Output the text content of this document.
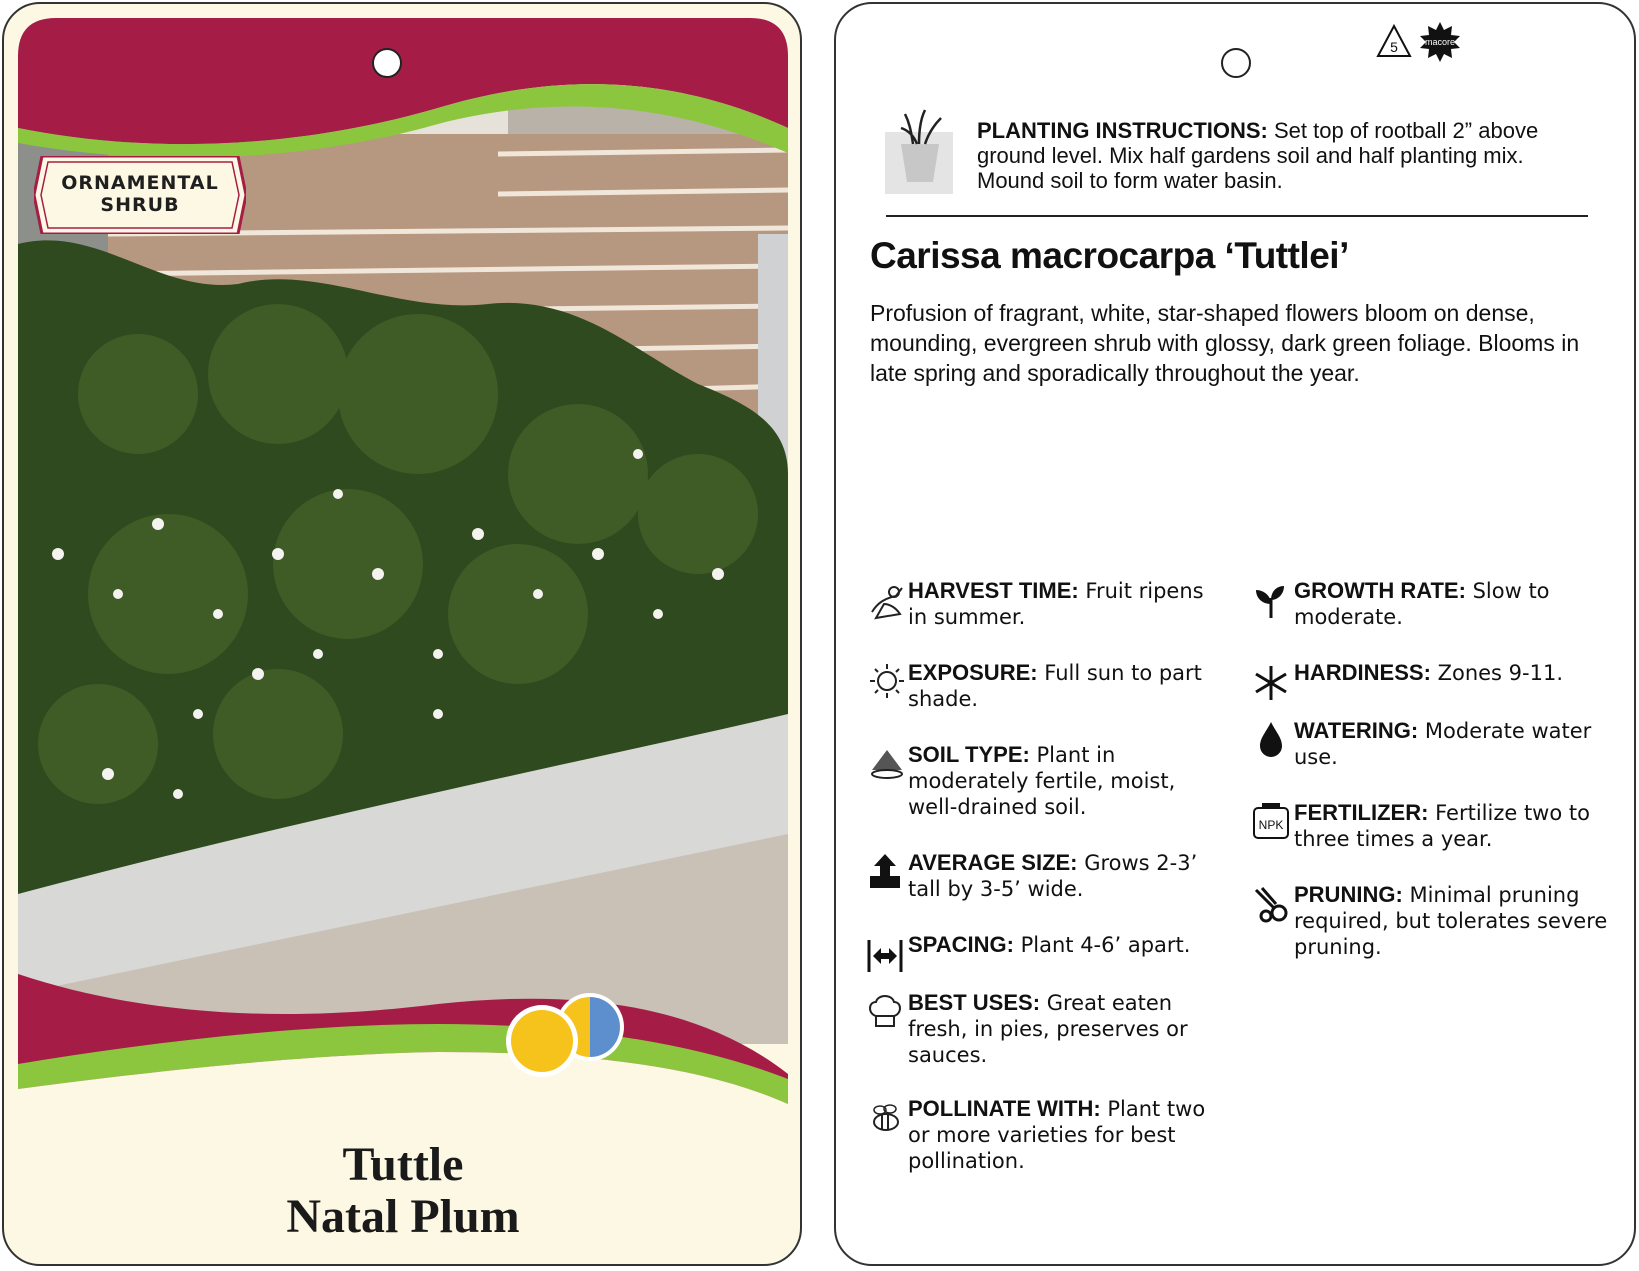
ORNAMENTAL
SHRUB
Tuttle
Natal Plum
5	macore
PLANTING INSTRUCTIONS: Set top of rootball 2” above ground level. Mix half gardens soil and half planting mix. Mound soil to form water basin.
Carissa macrocarpa ‘Tuttlei’
Profusion of fragrant, white, star-shaped flowers bloom on dense, mounding, evergreen shrub with glossy, dark green foliage. Blooms in late spring and sporadically throughout the year.
HARVEST TIME: Fruit ripens in summer.
EXPOSURE: Full sun to part shade.
SOIL TYPE: Plant in moderately fertile, moist, well-drained soil.
AVERAGE SIZE: Grows 2-3’ tall by 3-5’ wide.
SPACING: Plant 4-6’ apart.
BEST USES: Great eaten fresh, in pies, preserves or sauces.
POLLINATE WITH: Plant two or more varieties for best pollination.
GROWTH RATE: Slow to moderate.
HARDINESS: Zones 9-11.
WATERING: Moderate water use.
NPK FERTILIZER: Fertilize two to three times a year.
PRUNING: Minimal pruning required, but tolerates severe pruning.
